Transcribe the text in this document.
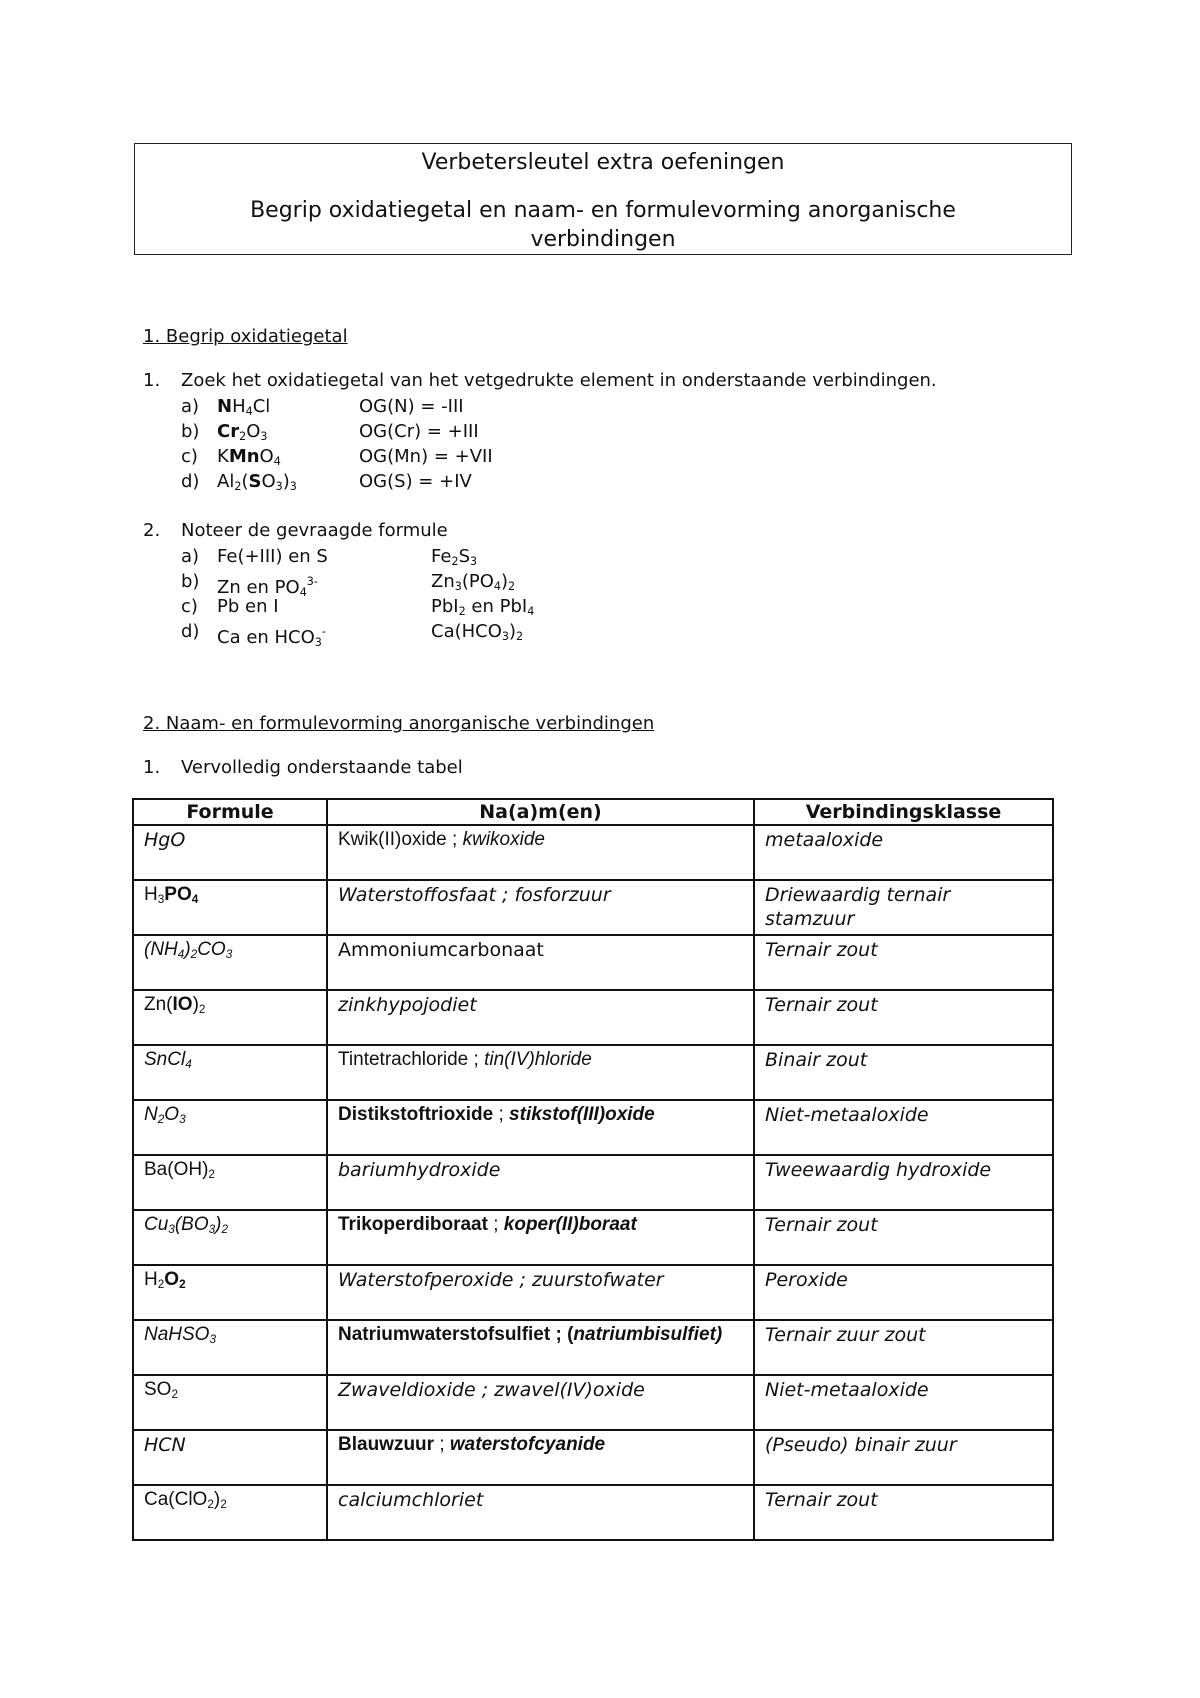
Verbetersleutel extra oefeningen
Begrip oxidatiegetal en naam- en formulevorming anorganische verbindingen
1. Begrip oxidatiegetal
1. Zoek het oxidatiegetal van het vetgedrukte element in onderstaande verbindingen.
a) $NH_4Cl$	OG(N) = -III
b) $Cr_2O_3$	OG(Cr) = +III
c) KMnO$_4$	OG(Mn) = +VII
d) $Al_2(SO_3)_3$	OG(S) = +IV
2. Noteer de gevraagde formule
a) Fe(+III) en S	$Fe_2S_3$
b) Zn en $PO_4^{3-}$	$Zn_3(PO_4)_2$
c) Pb en I	PbI$_2$ en PbI$_4$
d) Ca en $HCO_3^-$	$Ca(HCO_3)_2$
2. Naam- en formulevorming anorganische verbindingen
1. Vervolledig onderstaande tabel
Formule	Na(a)m(en)	Verbindingsklasse
HgO	Kwik(II)oxide ; kwikoxide	metaaloxide
$H_3PO_4$	Waterstoffosfaat ; fosforzuur	Driewaardig ternair stamzuur
$(NH_4)_2CO_3$	Ammoniumcarbonaat	Ternair zout
$Zn(IO)_2$	zinkhypojodiet	Ternair zout
SnCl$_4$	Tintetrachloride ; tin(IV)hloride	Binair zout
$N_2O_3$	Distikstoftrioxide ; stikstof(III)oxide	Niet-metaaloxide
$Ba(OH)_2$	bariumhydroxide	Tweewaardig hydroxide
$Cu_3(BO_3)_2$	Trikoperdiboraat ; koper(II)boraat	Ternair zout
$H_2O_2$	Waterstofperoxide ; zuurstofwater	Peroxide
NaHSO$_3$	Natriumwaterstofsulfiet ; (natriumbisulfiet)	Ternair zuur zout
$SO_2$	Zwaveldioxide ; zwavel(IV)oxide	Niet-metaaloxide
HCN	Blauwzuur ; waterstofcyanide	(Pseudo) binair zuur
$Ca(ClO_2)_2$	calciumchloriet	Ternair zout
